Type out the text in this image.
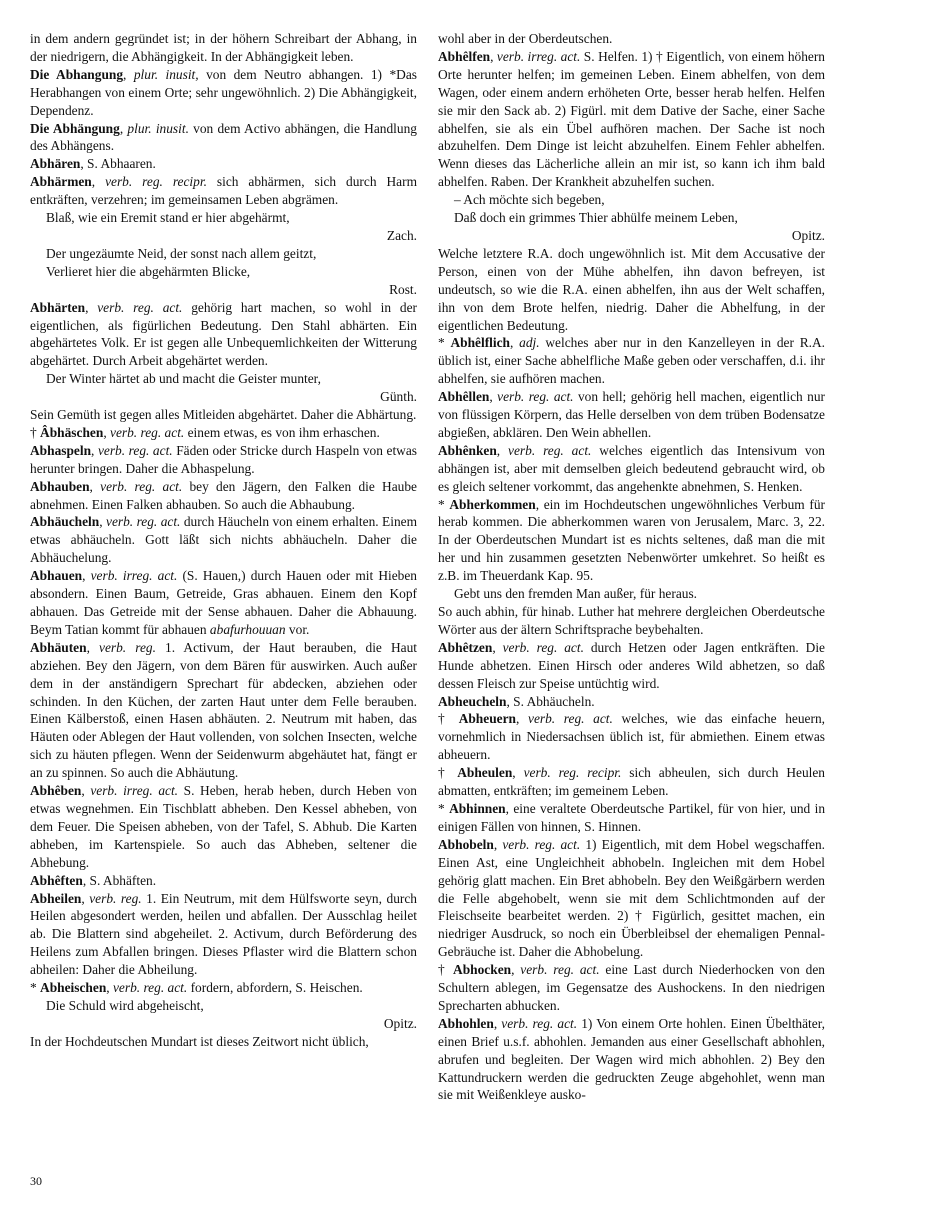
in dem andern gegründet ist; in der höhern Schreibart der Abhang, in der niedrigern, die Abhängigkeit. In der Abhängigkeit leben.

Die Abhangung, plur. inusit, von dem Neutro abhangen. 1) *Das Herabhangen von einem Orte; sehr ungewöhnlich. 2) Die Abhängigkeit, Dependenz.

Die Abhängung, plur. inusit. von dem Activo abhängen, die Handlung des Abhängens.

Abhären, S. Abhaaren.

Abhärmen, verb. reg. recipr. sich abhärmen, sich durch Harm entkräften, verzehren; im gemeinsamen Leben abgrämen.

Blaß, wie ein Eremit stand er hier abgehärmt,

Zach.

Der ungezäumte Neid, der sonst nach allem geitzt,

Verlieret hier die abgehärmten Blicke,

Rost.

Abhärten, verb. reg. act. gehörig hart machen, so wohl in der eigentlichen, als figürlichen Bedeutung. Den Stahl abhärten. Ein abgehärtetes Volk. Er ist gegen alle Unbequemlichkeiten der Witterung abgehärtet. Durch Arbeit abgehärtet werden.

Der Winter härtet ab und macht die Geister munter,

Günth.

Sein Gemüth ist gegen alles Mitleiden abgehärtet. Daher die Abhärtung.

† Âbhäschen, verb. reg. act. einem etwas, es von ihm erhaschen.

Abhaspeln, verb. reg. act. Fäden oder Stricke durch Haspeln von etwas herunter bringen. Daher die Abhaspelung.

Abhauben, verb. reg. act. bey den Jägern, den Falken die Haube abnehmen. Einen Falken abhauben. So auch die Abhaubung.

Abhäucheln, verb. reg. act. durch Häucheln von einem erhalten. Einem etwas abhäucheln. Gott läßt sich nichts abhäucheln. Daher die Abhäuchelung.

Abhauen, verb. irreg. act. (S. Hauen,) durch Hauen oder mit Hieben absondern. Einen Baum, Getreide, Gras abhauen. Einem den Kopf abhauen. Das Getreide mit der Sense abhauen. Daher die Abhauung. Beym Tatian kommt für abhauen abafurhouuan vor.

Abhäuten, verb. reg. 1. Activum, der Haut berauben, die Haut abziehen. Bey den Jägern, von dem Bären für auswirken. Auch außer dem in der anständigern Sprechart für abdecken, abziehen oder schinden. In den Küchen, der zarten Haut unter dem Felle berauben. Einen Kälberstoß, einen Hasen abhäuten. 2. Neutrum mit haben, das Häuten oder Ablegen der Haut vollenden, von solchen Insecten, welche sich zu häuten pflegen. Wenn der Seidenwurm abgehäutet hat, fängt er an zu spinnen. So auch die Abhäutung.

Abhêben, verb. irreg. act. S. Heben, herab heben, durch Heben von etwas wegnehmen. Ein Tischblatt abheben. Den Kessel abheben, von dem Feuer. Die Speisen abheben, von der Tafel, S. Abhub. Die Karten abheben, im Kartenspiele. So auch das Abheben, seltener die Abhebung.

Abhêften, S. Abhäften.

Abheilen, verb. reg. 1. Ein Neutrum, mit dem Hülfsworte seyn, durch Heilen abgesondert werden, heilen und abfallen. Der Ausschlag heilet ab. Die Blattern sind abgeheilet. 2. Activum, durch Beförderung des Heilens zum Abfallen bringen. Dieses Pflaster wird die Blattern schon abheilen: Daher die Abheilung.

* Abheischen, verb. reg. act. fordern, abfordern, S. Heischen.

Die Schuld wird abgeheischt,

Opitz.

In der Hochdeutschen Mundart ist dieses Zeitwort nicht üblich,

wohl aber in der Oberdeutschen.

Abhêlfen, verb. irreg. act. S. Helfen. 1) † Eigentlich, von einem höhern Orte herunter helfen; im gemeinen Leben. Einem abhelfen, von dem Wagen, oder einem andern erhöheten Orte, besser herab helfen. Helfen sie mir den Sack ab. 2) Figürl. mit dem Dative der Sache, einer Sache abhelfen, sie als ein Übel aufhören machen. Der Sache ist noch abzuhelfen. Dem Dinge ist leicht abzuhelfen. Einem Fehler abhelfen. Wenn dieses das Lächerliche allein an mir ist, so kann ich ihm bald abhelfen. Raben. Der Krankheit abzuhelfen suchen.

– Ach möchte sich begeben,

Daß doch ein grimmes Thier abhülfe meinem Leben,

Opitz.

Welche letztere R.A. doch ungewöhnlich ist. Mit dem Accusative der Person, einen von der Mühe abhelfen, ihn davon befreyen, ist undeutsch, so wie die R.A. einen abhelfen, ihn aus der Welt schaffen, ihn von dem Brote helfen, niedrig. Daher die Abhelfung, in der eigentlichen Bedeutung.

* Abhêlflich, adj. welches aber nur in den Kanzelleyen in der R.A. üblich ist, einer Sache abhelfliche Maße geben oder verschaffen, d.i. ihr abhelfen, sie aufhören machen.

Abhêllen, verb. reg. act. von hell; gehörig hell machen, eigentlich nur von flüssigen Körpern, das Helle derselben von dem trüben Bodensatze abgießen, abklären. Den Wein abhellen.

Abhênken, verb. reg. act. welches eigentlich das Intensivum von abhängen ist, aber mit demselben gleich bedeutend gebraucht wird, ob es gleich seltener vorkommt, das angehenkte abnehmen, S. Henken.

* Abherkommen, ein im Hochdeutschen ungewöhnliches Verbum für herab kommen. Die abherkommen waren von Jerusalem, Marc. 3, 22. In der Oberdeutschen Mundart ist es nichts seltenes, daß man die mit her und hin zusammen gesetzten Nebenwörter umkehret. So heißt es z.B. im Theuerdank Kap. 95.

Gebt uns den fremden Man außer, für heraus.

So auch abhin, für hinab. Luther hat mehrere dergleichen Oberdeutsche Wörter aus der ältern Schriftsprache beybehalten.

Abhêtzen, verb. reg. act. durch Hetzen oder Jagen entkräften. Die Hunde abhetzen. Einen Hirsch oder anderes Wild abhetzen, so daß dessen Fleisch zur Speise untüchtig wird.

Abheucheln, S. Abhäucheln.

† Abheuern, verb. reg. act. welches, wie das einfache heuern, vornehmlich in Niedersachsen üblich ist, für abmiethen. Einem etwas abheuern.

† Abheulen, verb. reg. recipr. sich abheulen, sich durch Heulen abmatten, entkräften; im gemeinem Leben.

* Abhinnen, eine veraltete Oberdeutsche Partikel, für von hier, und in einigen Fällen von hinnen, S. Hinnen.

Abhobeln, verb. reg. act. 1) Eigentlich, mit dem Hobel wegschaffen. Einen Ast, eine Ungleichheit abhobeln. Ingleichen mit dem Hobel gehörig glatt machen. Ein Bret abhobeln. Bey den Weißgärbern werden die Felle abgehobelt, wenn sie mit dem Schlichtmonden auf der Fleischseite bearbeitet werden. 2) † Figürlich, gesittet machen, ein niedriger Ausdruck, so noch ein Überbleibsel der ehemaligen Pennal-Gebräuche ist. Daher die Abhobelung.

† Abhocken, verb. reg. act. eine Last durch Niederhocken von den Schultern ablegen, im Gegensatze des Aushockens. In den niedrigen Sprecharten abhucken.

Abhohlen, verb. reg. act. 1) Von einem Orte hohlen. Einen Übelthäter, einen Brief u.s.f. abhohlen. Jemanden aus einer Gesellschaft abhohlen, abrufen und begleiten. Der Wagen wird mich abhohlen. 2) Bey den Kattundruckern werden die gedruckten Zeuge abgehohlet, wenn man sie mit Weißenkleye ausko-

30
